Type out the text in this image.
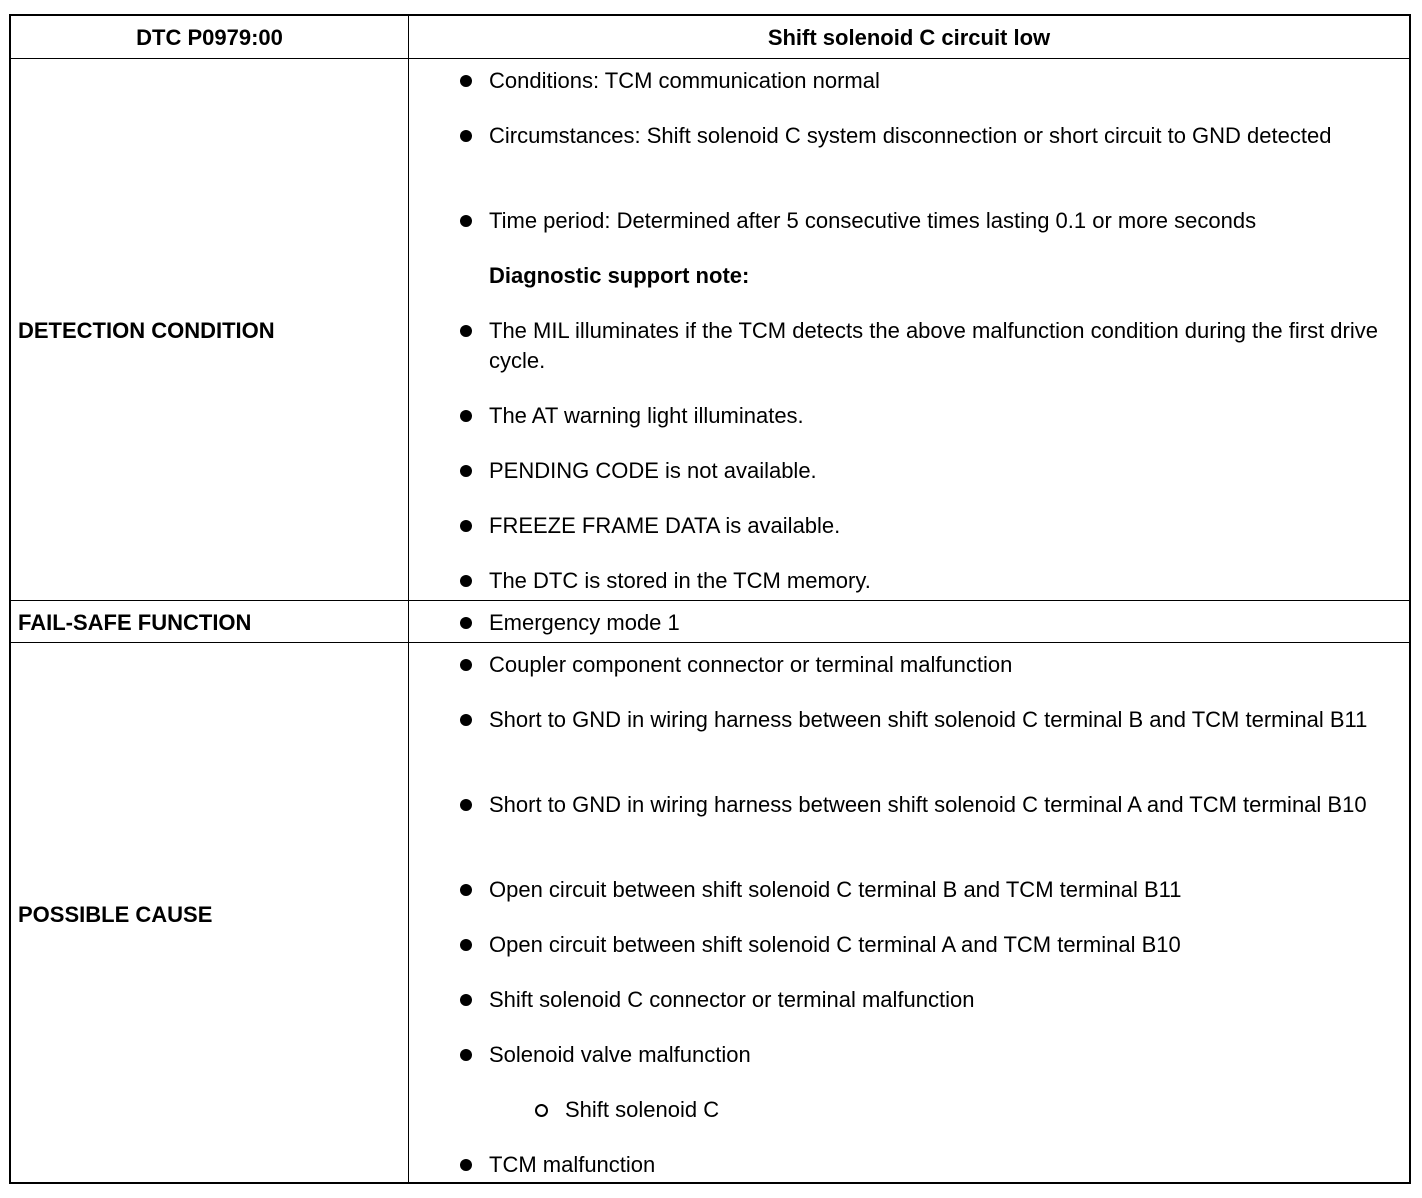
DTC P0979:00	Shift solenoid C circuit low
DETECTION CONDITION
Conditions: TCM communication normal
Circumstances: Shift solenoid C system disconnection or short circuit to GND detected
Time period: Determined after 5 consecutive times lasting 0.1 or more seconds
Diagnostic support note:
The MIL illuminates if the TCM detects the above malfunction condition during the first drive cycle.
The AT warning light illuminates.
PENDING CODE is not available.
FREEZE FRAME DATA is available.
The DTC is stored in the TCM memory.
FAIL-SAFE FUNCTION	Emergency mode 1
POSSIBLE CAUSE
Coupler component connector or terminal malfunction
Short to GND in wiring harness between shift solenoid C terminal B and TCM terminal B11
Short to GND in wiring harness between shift solenoid C terminal A and TCM terminal B10
Open circuit between shift solenoid C terminal B and TCM terminal B11
Open circuit between shift solenoid C terminal A and TCM terminal B10
Shift solenoid C connector or terminal malfunction
Solenoid valve malfunction
Shift solenoid C
TCM malfunction
